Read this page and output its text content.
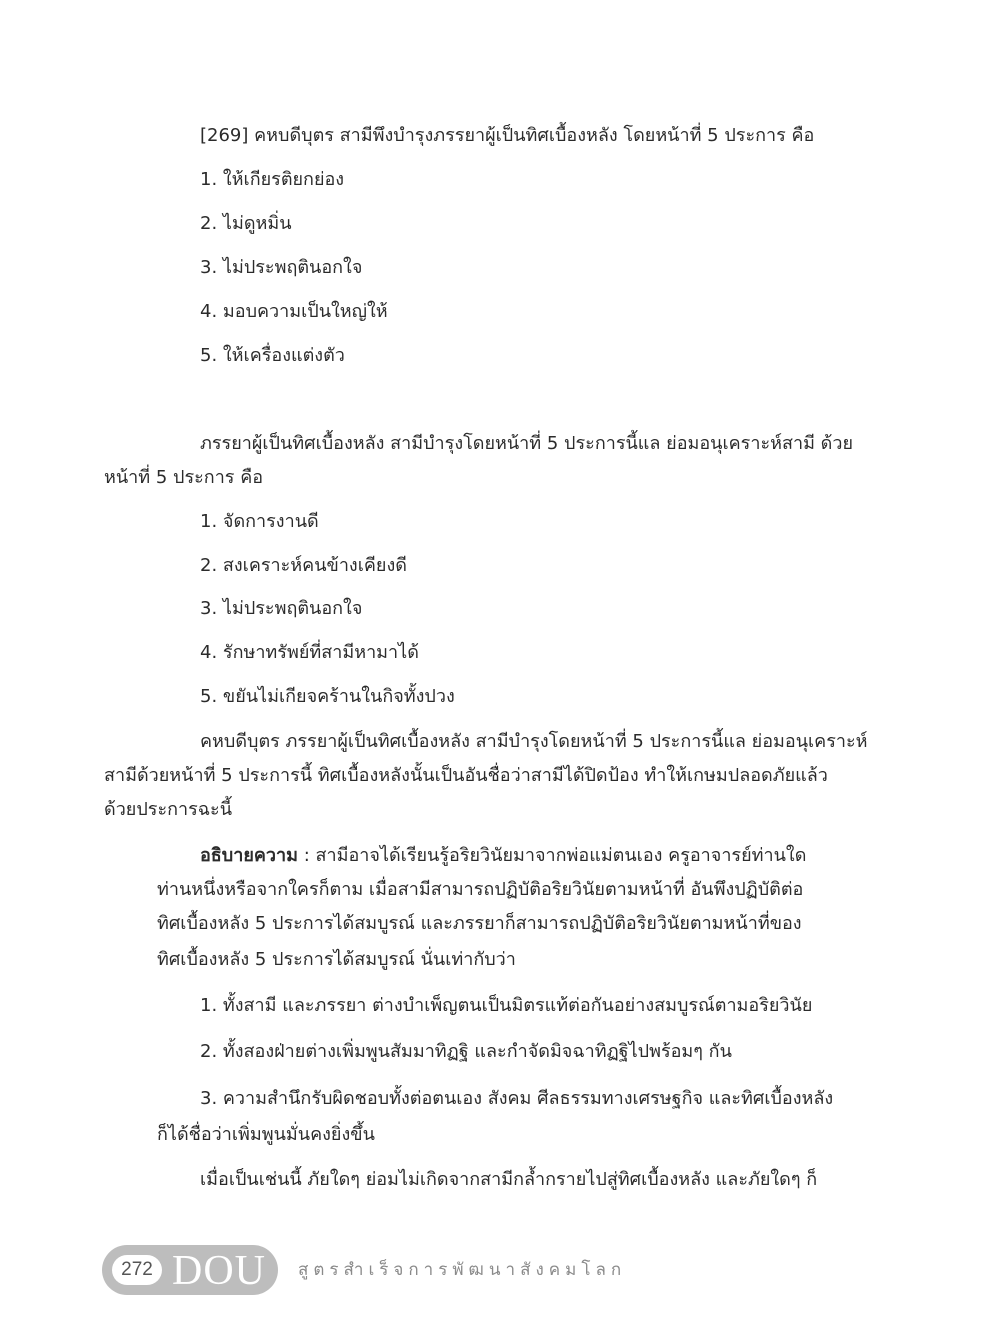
[269] คหบดีบุตร สามีพึงบำรุงภรรยาผู้เป็นทิศเบื้องหลัง โดยหน้าที่ 5 ประการ คือ
1. ให้เกียรติยกย่อง
2. ไม่ดูหมิ่น
3. ไม่ประพฤตินอกใจ
4. มอบความเป็นใหญ่ให้
5. ให้เครื่องแต่งตัว
ภรรยาผู้เป็นทิศเบื้องหลัง สามีบำรุงโดยหน้าที่ 5 ประการนี้แล ย่อมอนุเคราะห์สามี ด้วย
หน้าที่ 5 ประการ คือ
1. จัดการงานดี
2. สงเคราะห์คนข้างเคียงดี
3. ไม่ประพฤตินอกใจ
4. รักษาทรัพย์ที่สามีหามาได้
5. ขยันไม่เกียจคร้านในกิจทั้งปวง
คหบดีบุตร ภรรยาผู้เป็นทิศเบื้องหลัง สามีบำรุงโดยหน้าที่ 5 ประการนี้แล ย่อมอนุเคราะห์
สามีด้วยหน้าที่ 5 ประการนี้ ทิศเบื้องหลังนั้นเป็นอันชื่อว่าสามีได้ปิดป้อง ทำให้เกษมปลอดภัยแล้ว
ด้วยประการฉะนี้
อธิบายความ : สามีอาจได้เรียนรู้อริยวินัยมาจากพ่อแม่ตนเอง ครูอาจารย์ท่านใด
ท่านหนึ่งหรือจากใครก็ตาม เมื่อสามีสามารถปฏิบัติอริยวินัยตามหน้าที่ อันพึงปฏิบัติต่อ
ทิศเบื้องหลัง 5 ประการได้สมบูรณ์ และภรรยาก็สามารถปฏิบัติอริยวินัยตามหน้าที่ของ
ทิศเบื้องหลัง 5 ประการได้สมบูรณ์ นั่นเท่ากับว่า
1. ทั้งสามี และภรรยา ต่างบำเพ็ญตนเป็นมิตรแท้ต่อกันอย่างสมบูรณ์ตามอริยวินัย
2. ทั้งสองฝ่ายต่างเพิ่มพูนสัมมาทิฏฐิ และกำจัดมิจฉาทิฏฐิไปพร้อมๆ กัน
3. ความสำนึกรับผิดชอบทั้งต่อตนเอง สังคม ศีลธรรมทางเศรษฐกิจ และทิศเบื้องหลัง
ก็ได้ชื่อว่าเพิ่มพูนมั่นคงยิ่งขึ้น
เมื่อเป็นเช่นนี้ ภัยใดๆ ย่อมไม่เกิดจากสามีกล้ำกรายไปสู่ทิศเบื้องหลัง และภัยใดๆ ก็
272 DOU สูตรสำเร็จการพัฒนาสังคมโลก
